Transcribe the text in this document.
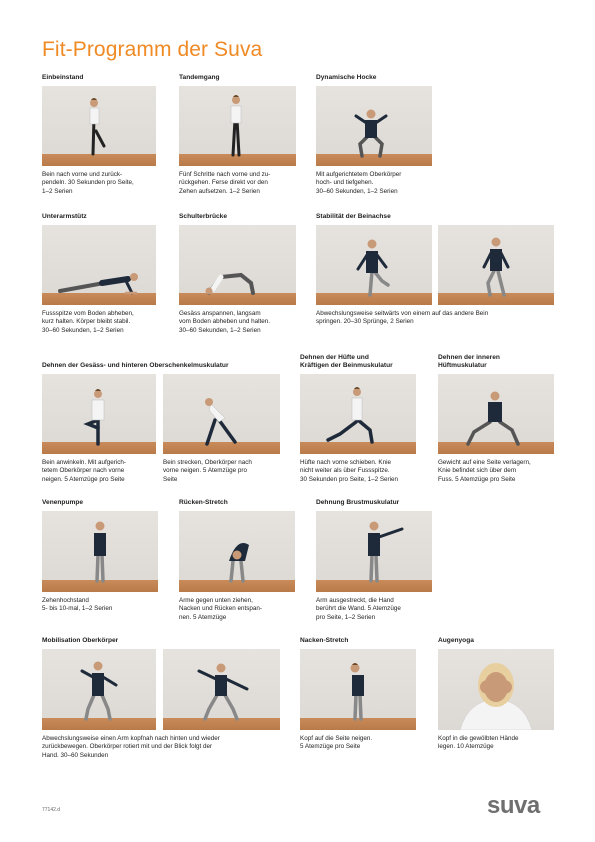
Fit-Programm der Suva
Einbeinstand
Bein nach vorne und zurück-
pendeln. 30 Sekunden pro Seite,
1–2 Serien
Tandemgang
Fünf Schritte nach vorne und zu-
rückgehen. Ferse direkt vor den
Zehen aufsetzen. 1–2 Serien
Dynamische Hocke
Mit aufgerichtetem Oberkörper
hoch- und tiefgehen.
30–60 Sekunden, 1–2 Serien
Unterarmstütz
Fussspitze vom Boden abheben,
kurz halten. Körper bleibt stabil.
30–60 Sekunden, 1–2 Serien
Schulterbrücke
Gesäss anspannen, langsam
vom Boden abheben und halten.
30–60 Sekunden, 1–2 Serien
Stabilität der Beinachse
Abwechslungsweise seitwärts von einem auf das andere Bein
springen. 20–30 Sprünge, 2 Serien
Dehnen der Gesäss- und hinteren Oberschenkelmuskulatur
Bein anwinkeln. Mit aufgerich-
tetem Oberkörper nach vorne
neigen. 5 Atemzüge pro Seite
Bein strecken, Oberkörper nach
vorne neigen. 5 Atemzüge pro
Seite
Dehnen der Hüfte und
Kräftigen der Beinmuskulatur
Hüfte nach vorne schieben. Knie
nicht weiter als über Fussspitze.
30 Sekunden pro Seite, 1–2 Serien
Dehnen der inneren
Hüftmuskulatur
Gewicht auf eine Seite verlagern,
Knie befindet sich über dem
Fuss. 5 Atemzüge pro Seite
Venenpumpe
Zehenhochstand
5- bis 10-mal, 1–2 Serien
Rücken-Stretch
Arme gegen unten ziehen,
Nacken und Rücken entspan-
nen. 5 Atemzüge
Dehnung Brustmuskulatur
Arm ausgestreckt, die Hand
berührt die Wand. 5 Atemzüge
pro Seite, 1–2 Serien
Mobilisation Oberkörper
Abwechslungsweise einen Arm kopfnah nach hinten und wieder
zurückbewegen. Oberkörper rotiert mit und der Blick folgt der
Hand. 30–60 Sekunden
Nacken-Stretch
Kopf auf die Seite neigen.
5 Atemzüge pro Seite
Augenyoga
Kopf in die gewölbten Hände
legen. 10 Atemzüge
77142.d	suva
